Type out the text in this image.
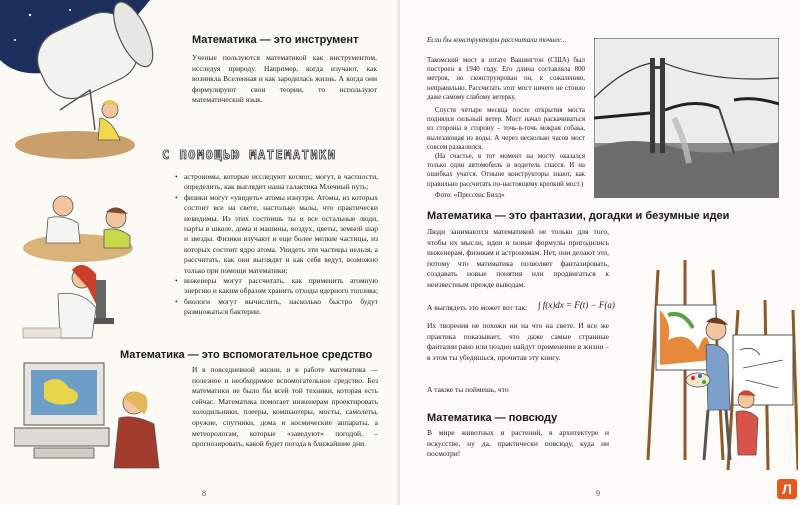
Математика — это инструмент

Ученые пользуются математикой как инструментом, исследуя природу. Например, когда изучают, как возникла Вселенная и как зародилась жизнь. А когда они формулируют свои теории, то используют математический язык.

С ПОМОЩЬЮ МАТЕМАТИКИ
• астрономы, которые исследуют космос, могут, в частности, определить, как выглядит наша галактика Млечный путь;
• физики могут «увидеть» атомы изнутри. Атомы, из которых состоит все на свете, настолько малы, что практически невидимы. Из этих состоишь ты и все остальные люди, парты в школе, дома и машины, воздух, цветы, земной шар и звезды. Физики изучают и еще более мелкие частицы, из которых состоит ядро атома. Увидеть эти частицы нельзя, а рассчитать, как они выглядят и как себя ведут, возможно только при помощи математики;
• инженеры могут рассчитать, как применить атомную энергию и каким образом хранить отходы ядерного топлива;
• биологи могут вычислить, насколько быстро будут размножаться бактерии.
Математика — это вспомогательное средство

И в повседневной жизни, и в работе математика — полезное и необходимое вспомогательное средство. Без математики не было бы всей той техники, которая есть сейчас. Математика помогает инженерам проектировать холодильники, плееры, компьютеры, мосты, самолеты, оружие, спутники, дома и космические аппараты, а метеорологам, которые «заведуют» погодой, – прогнозировать, какой будет погода в ближайшие дни.

8
Если бы конструкторы рассчитали точнее...

Такомский мост в штате Вашингтон (США) был построен в 1940 году. Его длина составляла 800 метров, но сконструирован он, к сожалению, неправильно. Рассчитать этот мост ничего не стоило даже самому слабому ветерку.

Спустя четыре месяца после открытия моста поднялся сильный ветер. Мост начал раскачиваться из стороны в сторону – точь-в-точь мокрая собака, вылезающая из воды. А через несколько часов мост совсем развалился.

(На счастье, в тот момент на мосту оказался только один автомобиль и водитель спасся. И на ошибках учатся. Отныне конструкторы знают, как правильно рассчитать по-настоящему крепкий мост.)

Фото: «Прессенс Билд»

Математика — это фантазии, догадки и безумные идеи

Люди занимаются математикой не только для того, чтобы их мысли, идеи и новые формулы пригодились инженерам, физикам и астрономам. Нет, они делают это, потому что математика позволяет фантазировать, создавать новые понятия или продвигаться к неизвестным прежде выводам.

А выглядеть это может вот так: ∫ f(x)dx = F(t) − F(a)

Их творения не похожи ни на что на свете. И все же практика показывает, что даже самые странные фантазии рано или поздно найдут применение в жизни – в этом ты убедишься, прочитав эту книгу.

А также ты поймешь, что

Математика — повсюду

В мире животных и растений, в архитектуре и искусстве, ну да, практически повсюду, куда ни посмотри!

9	Л
